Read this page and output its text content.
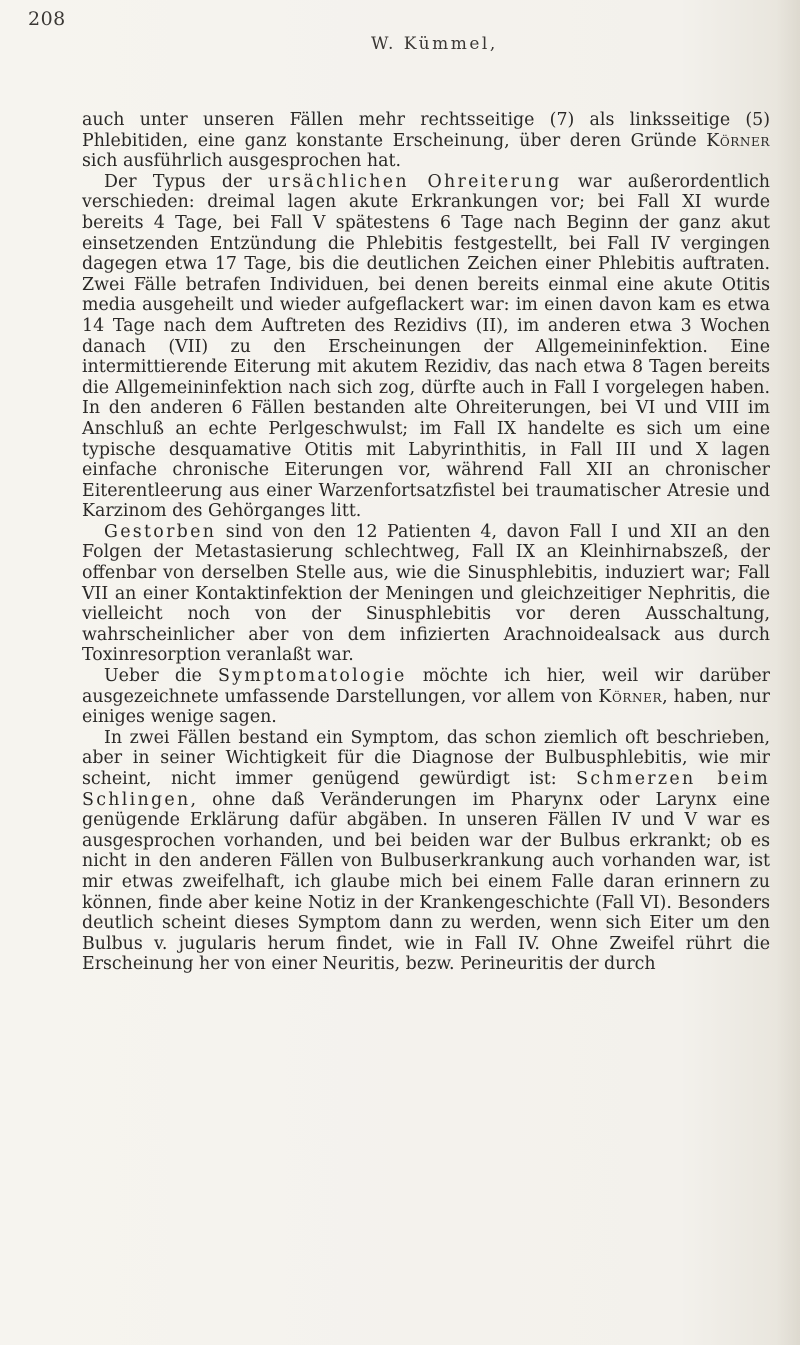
208
W. Kümmel,

auch unter unseren Fällen mehr rechtsseitige (7) als linksseitige (5) Phlebitiden, eine ganz konstante Erscheinung, über deren Gründe Körner sich ausführlich ausgesprochen hat.

Der Typus der ursächlichen Ohreiterung war außerordentlich verschieden: dreimal lagen akute Erkrankungen vor; bei Fall XI wurde bereits 4 Tage, bei Fall V spätestens 6 Tage nach Beginn der ganz akut einsetzenden Entzündung die Phlebitis festgestellt, bei Fall IV vergingen dagegen etwa 17 Tage, bis die deutlichen Zeichen einer Phlebitis auftraten. Zwei Fälle betrafen Individuen, bei denen bereits einmal eine akute Otitis media ausgeheilt und wieder aufgeflackert war: im einen davon kam es etwa 14 Tage nach dem Auftreten des Rezidivs (II), im anderen etwa 3 Wochen danach (VII) zu den Erscheinungen der Allgemeininfektion. Eine intermittierende Eiterung mit akutem Rezidiv, das nach etwa 8 Tagen bereits die Allgemeininfektion nach sich zog, dürfte auch in Fall I vorgelegen haben. In den anderen 6 Fällen bestanden alte Ohreiterungen, bei VI und VIII im Anschluß an echte Perlgeschwulst; im Fall IX handelte es sich um eine typische desquamative Otitis mit Labyrinthitis, in Fall III und X lagen einfache chronische Eiterungen vor, während Fall XII an chronischer Eiterentleerung aus einer Warzenfortsatzfistel bei traumatischer Atresie und Karzinom des Gehörganges litt.

Gestorben sind von den 12 Patienten 4, davon Fall I und XII an den Folgen der Metastasierung schlechtweg, Fall IX an Kleinhirnabszeß, der offenbar von derselben Stelle aus, wie die Sinusphlebitis, induziert war; Fall VII an einer Kontaktinfektion der Meningen und gleichzeitiger Nephritis, die vielleicht noch von der Sinusphlebitis vor deren Ausschaltung, wahrscheinlicher aber von dem infizierten Arachnoidealsack aus durch Toxinresorption veranlaßt war.

Ueber die Symptomatologie möchte ich hier, weil wir darüber ausgezeichnete umfassende Darstellungen, vor allem von Körner, haben, nur einiges wenige sagen.

In zwei Fällen bestand ein Symptom, das schon ziemlich oft beschrieben, aber in seiner Wichtigkeit für die Diagnose der Bulbusphlebitis, wie mir scheint, nicht immer genügend gewürdigt ist: Schmerzen beim Schlingen, ohne daß Veränderungen im Pharynx oder Larynx eine genügende Erklärung dafür abgäben. In unseren Fällen IV und V war es ausgesprochen vorhanden, und bei beiden war der Bulbus erkrankt; ob es nicht in den anderen Fällen von Bulbuserkrankung auch vorhanden war, ist mir etwas zweifelhaft, ich glaube mich bei einem Falle daran erinnern zu können, finde aber keine Notiz in der Krankengeschichte (Fall VI). Besonders deutlich scheint dieses Symptom dann zu werden, wenn sich Eiter um den Bulbus v. jugularis herum findet, wie in Fall IV. Ohne Zweifel rührt die Erscheinung her von einer Neuritis, bezw. Perineuritis der durch
